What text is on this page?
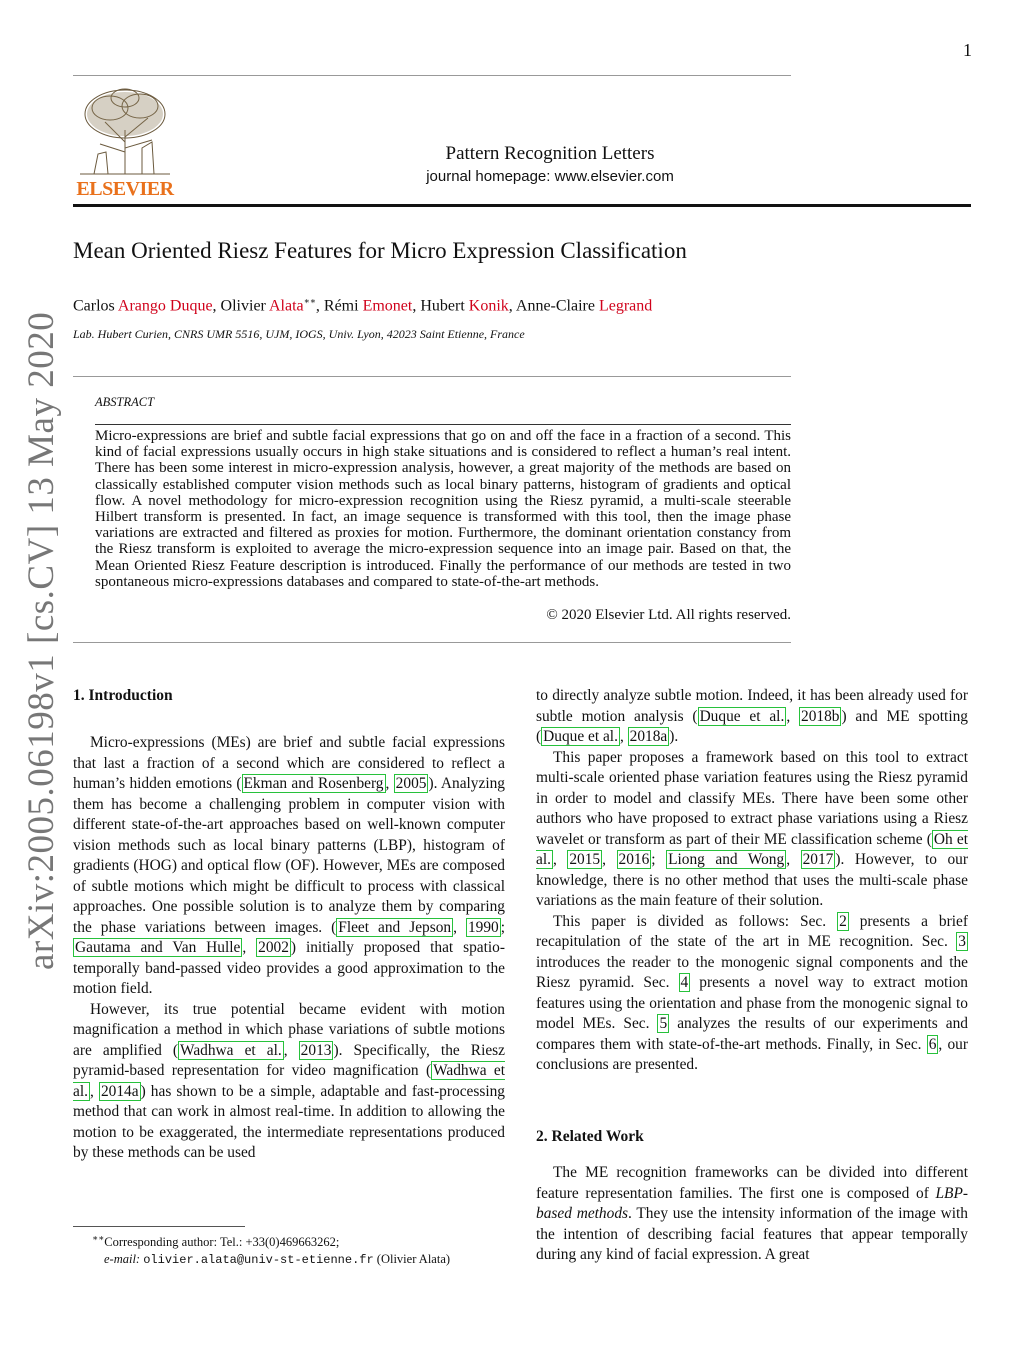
1
ELSEVIER
Pattern Recognition Letters
journal homepage: www.elsevier.com
Mean Oriented Riesz Features for Micro Expression Classification
Carlos Arango Duque, Olivier Alata∗∗, Rémi Emonet, Hubert Konik, Anne-Claire Legrand
Lab. Hubert Curien, CNRS UMR 5516, UJM, IOGS, Univ. Lyon, 42023 Saint Etienne, France
ABSTRACT
Micro-expressions are brief and subtle facial expressions that go on and off the face in a fraction of a second. This kind of facial expressions usually occurs in high stake situations and is considered to reflect a human’s real intent. There has been some interest in micro-expression analysis, however, a great majority of the methods are based on classically established computer vision methods such as local binary patterns, histogram of gradients and optical flow. A novel methodology for micro-expression recognition using the Riesz pyramid, a multi-scale steerable Hilbert transform is presented. In fact, an image sequence is transformed with this tool, then the image phase variations are extracted and filtered as proxies for motion. Furthermore, the dominant orientation constancy from the Riesz transform is exploited to average the micro-expression sequence into an image pair. Based on that, the Mean Oriented Riesz Feature description is introduced. Finally the performance of our methods are tested in two spontaneous micro-expressions databases and compared to state-of-the-art methods.
© 2020 Elsevier Ltd. All rights reserved.
arXiv:2005.06198v1 [cs.CV] 13 May 2020 1. Introduction

Micro-expressions (MEs) are brief and subtle facial expressions that last a fraction of a second which are considered to reflect a human’s hidden emotions ( Ekman and Rosenberg , 2005 ). Analyzing them has become a challenging problem in computer vision with different state-of-the-art approaches based on well-known computer vision methods such as local binary patterns (LBP), histogram of gradients (HOG) and optical flow (OF). However, MEs are composed of subtle motions which might be difficult to process with classical approaches. One possible solution is to analyze them by comparing the phase variations between images. ( Fleet and Jepson , 1990 ; Gautama and Van Hulle , 2002 ) initially proposed that spatio-temporally band-passed video provides a good approximation to the motion field.

However, its true potential became evident with motion magnification a method in which phase variations of subtle motions are amplified ( Wadhwa et al. , 2013 ). Specifically, the Riesz pyramid-based representation for video magnification ( Wadhwa et al. , 2014a ) has shown to be a simple, adaptable and fast-processing method that can work in almost real-time. In addition to allowing the motion to be exaggerated, the intermediate representations produced by these methods can be used

to directly analyze subtle motion. Indeed, it has been already used for subtle motion analysis ( Duque et al. , 2018b ) and ME spotting ( Duque et al. , 2018a ).

This paper proposes a framework based on this tool to extract multi-scale oriented phase variation features using the Riesz pyramid in order to model and classify MEs. There have been some other authors who have proposed to extract phase variations using a Riesz wavelet or transform as part of their ME classification scheme ( Oh et al. , 2015 , 2016 ; Liong and Wong , 2017 ). However, to our knowledge, there is no other method that uses the multi-scale phase variations as the main feature of their solution.

This paper is divided as follows: Sec. 2 presents a brief recapitulation of the state of the art in ME recognition. Sec. 3 introduces the reader to the monogenic signal components and the Riesz pyramid. Sec. 4 presents a novel way to extract motion features using the orientation and phase from the monogenic signal to model MEs. Sec. 5 analyzes the results of our experiments and compares them with state-of-the-art methods. Finally, in Sec. 6 , our conclusions are presented.

2. Related Work

The ME recognition frameworks can be divided into different feature representation families. The first one is composed of LBP-based methods. They use the intensity information of the image with the intention of describing facial features that appear temporally during any kind of facial expression. A great

∗∗Corresponding author: Tel.: +33(0)469663262;
e-mail: olivier.alata@univ-st-etienne.fr (Olivier Alata)
